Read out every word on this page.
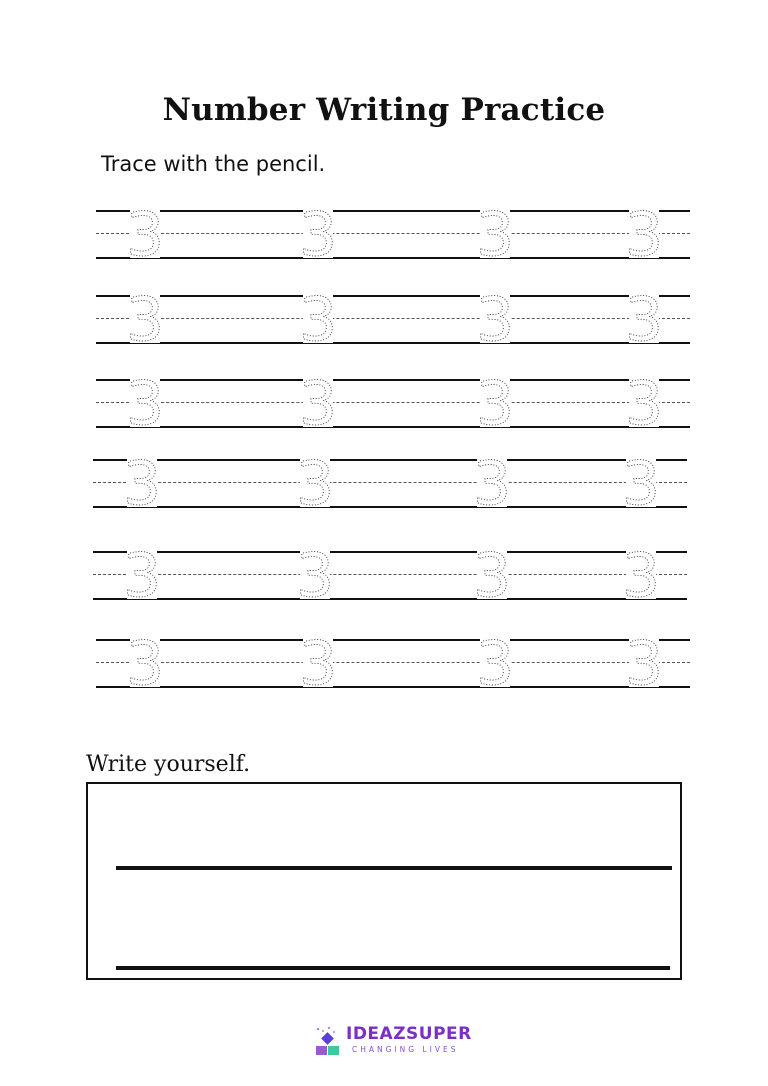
Number Writing Practice
Trace with the pencil.
3 3 3 3
3 3 3 3
3 3 3 3
3 3 3 3
3 3 3 3
3 3 3 3
Write yourself.
IDEAZSUPER
CHANGING LIVES
